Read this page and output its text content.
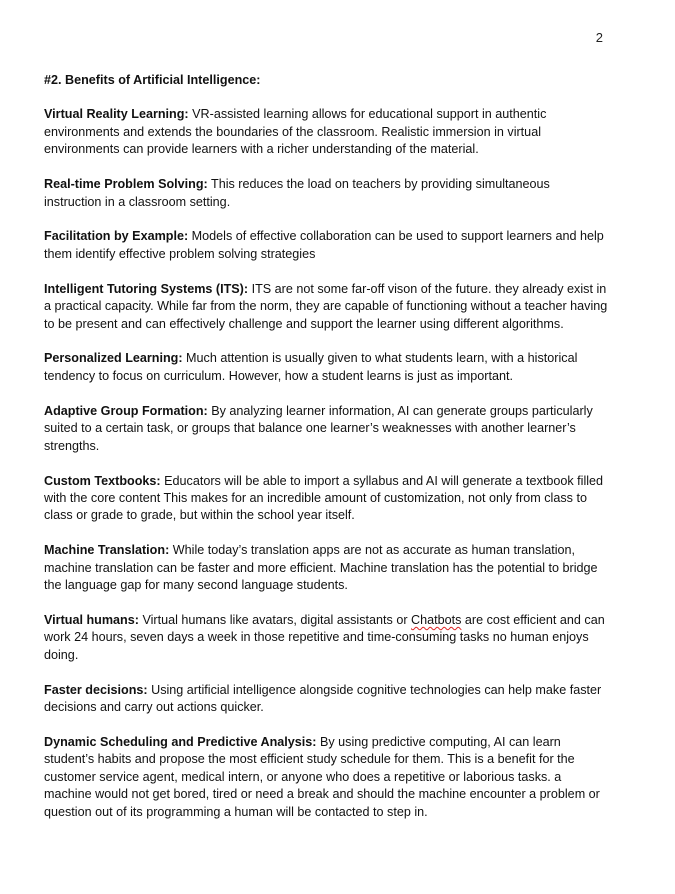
2

#2. Benefits of Artificial Intelligence:

Virtual Reality Learning: VR-assisted learning allows for educational support in authentic environments and extends the boundaries of the classroom. Realistic immersion in virtual environments can provide learners with a richer understanding of the material.

Real-time Problem Solving: This reduces the load on teachers by providing simultaneous instruction in a classroom setting.

Facilitation by Example: Models of effective collaboration can be used to support learners and help them identify effective problem solving strategies

Intelligent Tutoring Systems (ITS): ITS are not some far-off vison of the future. they already exist in a practical capacity. While far from the norm, they are capable of functioning without a teacher having to be present and can effectively challenge and support the learner using different algorithms.

Personalized Learning: Much attention is usually given to what students learn, with a historical tendency to focus on curriculum. However, how a student learns is just as important.

Adaptive Group Formation: By analyzing learner information, AI can generate groups particularly suited to a certain task, or groups that balance one learner’s weaknesses with another learner’s strengths.

Custom Textbooks: Educators will be able to import a syllabus and AI will generate a textbook filled with the core content This makes for an incredible amount of customization, not only from class to class or grade to grade, but within the school year itself.

Machine Translation: While today’s translation apps are not as accurate as human translation, machine translation can be faster and more efficient. Machine translation has the potential to bridge the language gap for many second language students.

Virtual humans: Virtual humans like avatars, digital assistants or Chatbots are cost efficient and can work 24 hours, seven days a week in those repetitive and time-consuming tasks no human enjoys doing.

Faster decisions: Using artificial intelligence alongside cognitive technologies can help make faster decisions and carry out actions quicker.

Dynamic Scheduling and Predictive Analysis: By using predictive computing, AI can learn student’s habits and propose the most efficient study schedule for them. This is a benefit for the customer service agent, medical intern, or anyone who does a repetitive or laborious tasks. a machine would not get bored, tired or need a break and should the machine encounter a problem or question out of its programming a human will be contacted to step in.
